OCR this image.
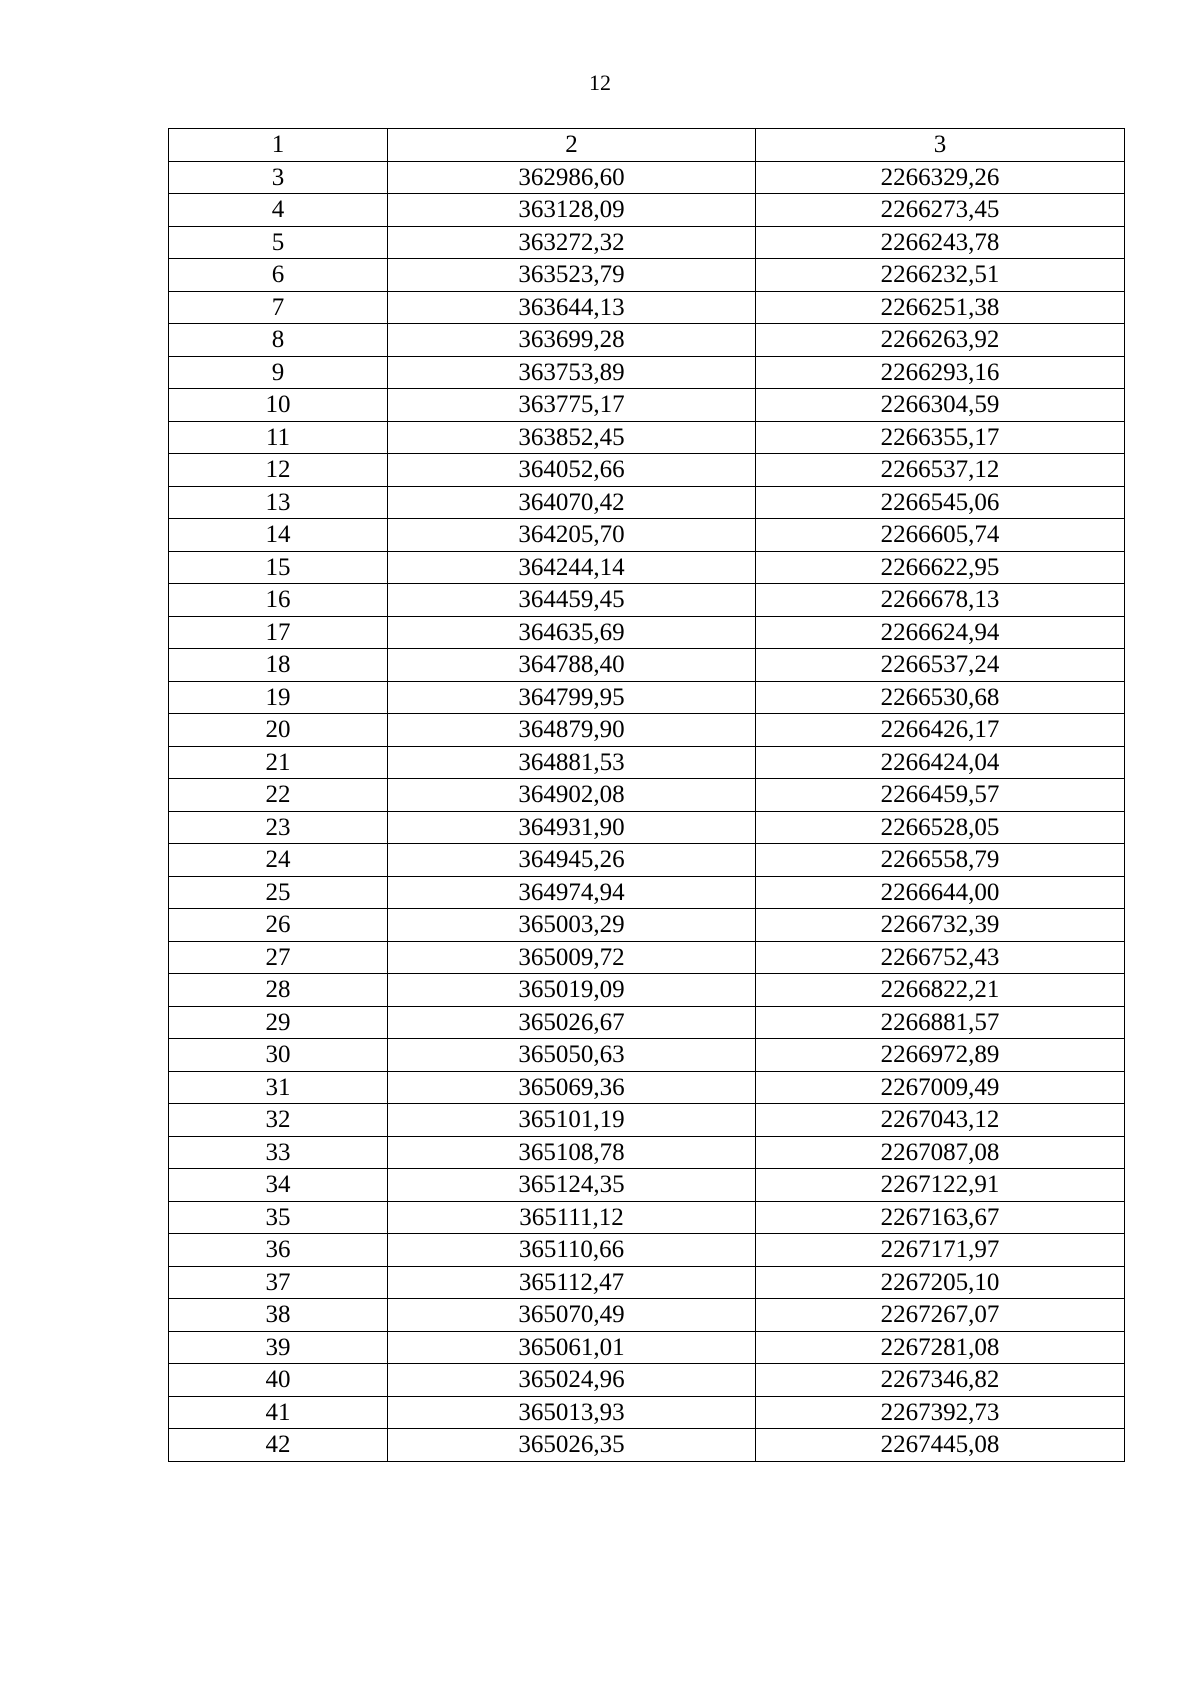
12
1	2	3
3	362986,60	2266329,26
4	363128,09	2266273,45
5	363272,32	2266243,78
6	363523,79	2266232,51
7	363644,13	2266251,38
8	363699,28	2266263,92
9	363753,89	2266293,16
10	363775,17	2266304,59
11	363852,45	2266355,17
12	364052,66	2266537,12
13	364070,42	2266545,06
14	364205,70	2266605,74
15	364244,14	2266622,95
16	364459,45	2266678,13
17	364635,69	2266624,94
18	364788,40	2266537,24
19	364799,95	2266530,68
20	364879,90	2266426,17
21	364881,53	2266424,04
22	364902,08	2266459,57
23	364931,90	2266528,05
24	364945,26	2266558,79
25	364974,94	2266644,00
26	365003,29	2266732,39
27	365009,72	2266752,43
28	365019,09	2266822,21
29	365026,67	2266881,57
30	365050,63	2266972,89
31	365069,36	2267009,49
32	365101,19	2267043,12
33	365108,78	2267087,08
34	365124,35	2267122,91
35	365111,12	2267163,67
36	365110,66	2267171,97
37	365112,47	2267205,10
38	365070,49	2267267,07
39	365061,01	2267281,08
40	365024,96	2267346,82
41	365013,93	2267392,73
42	365026,35	2267445,08
